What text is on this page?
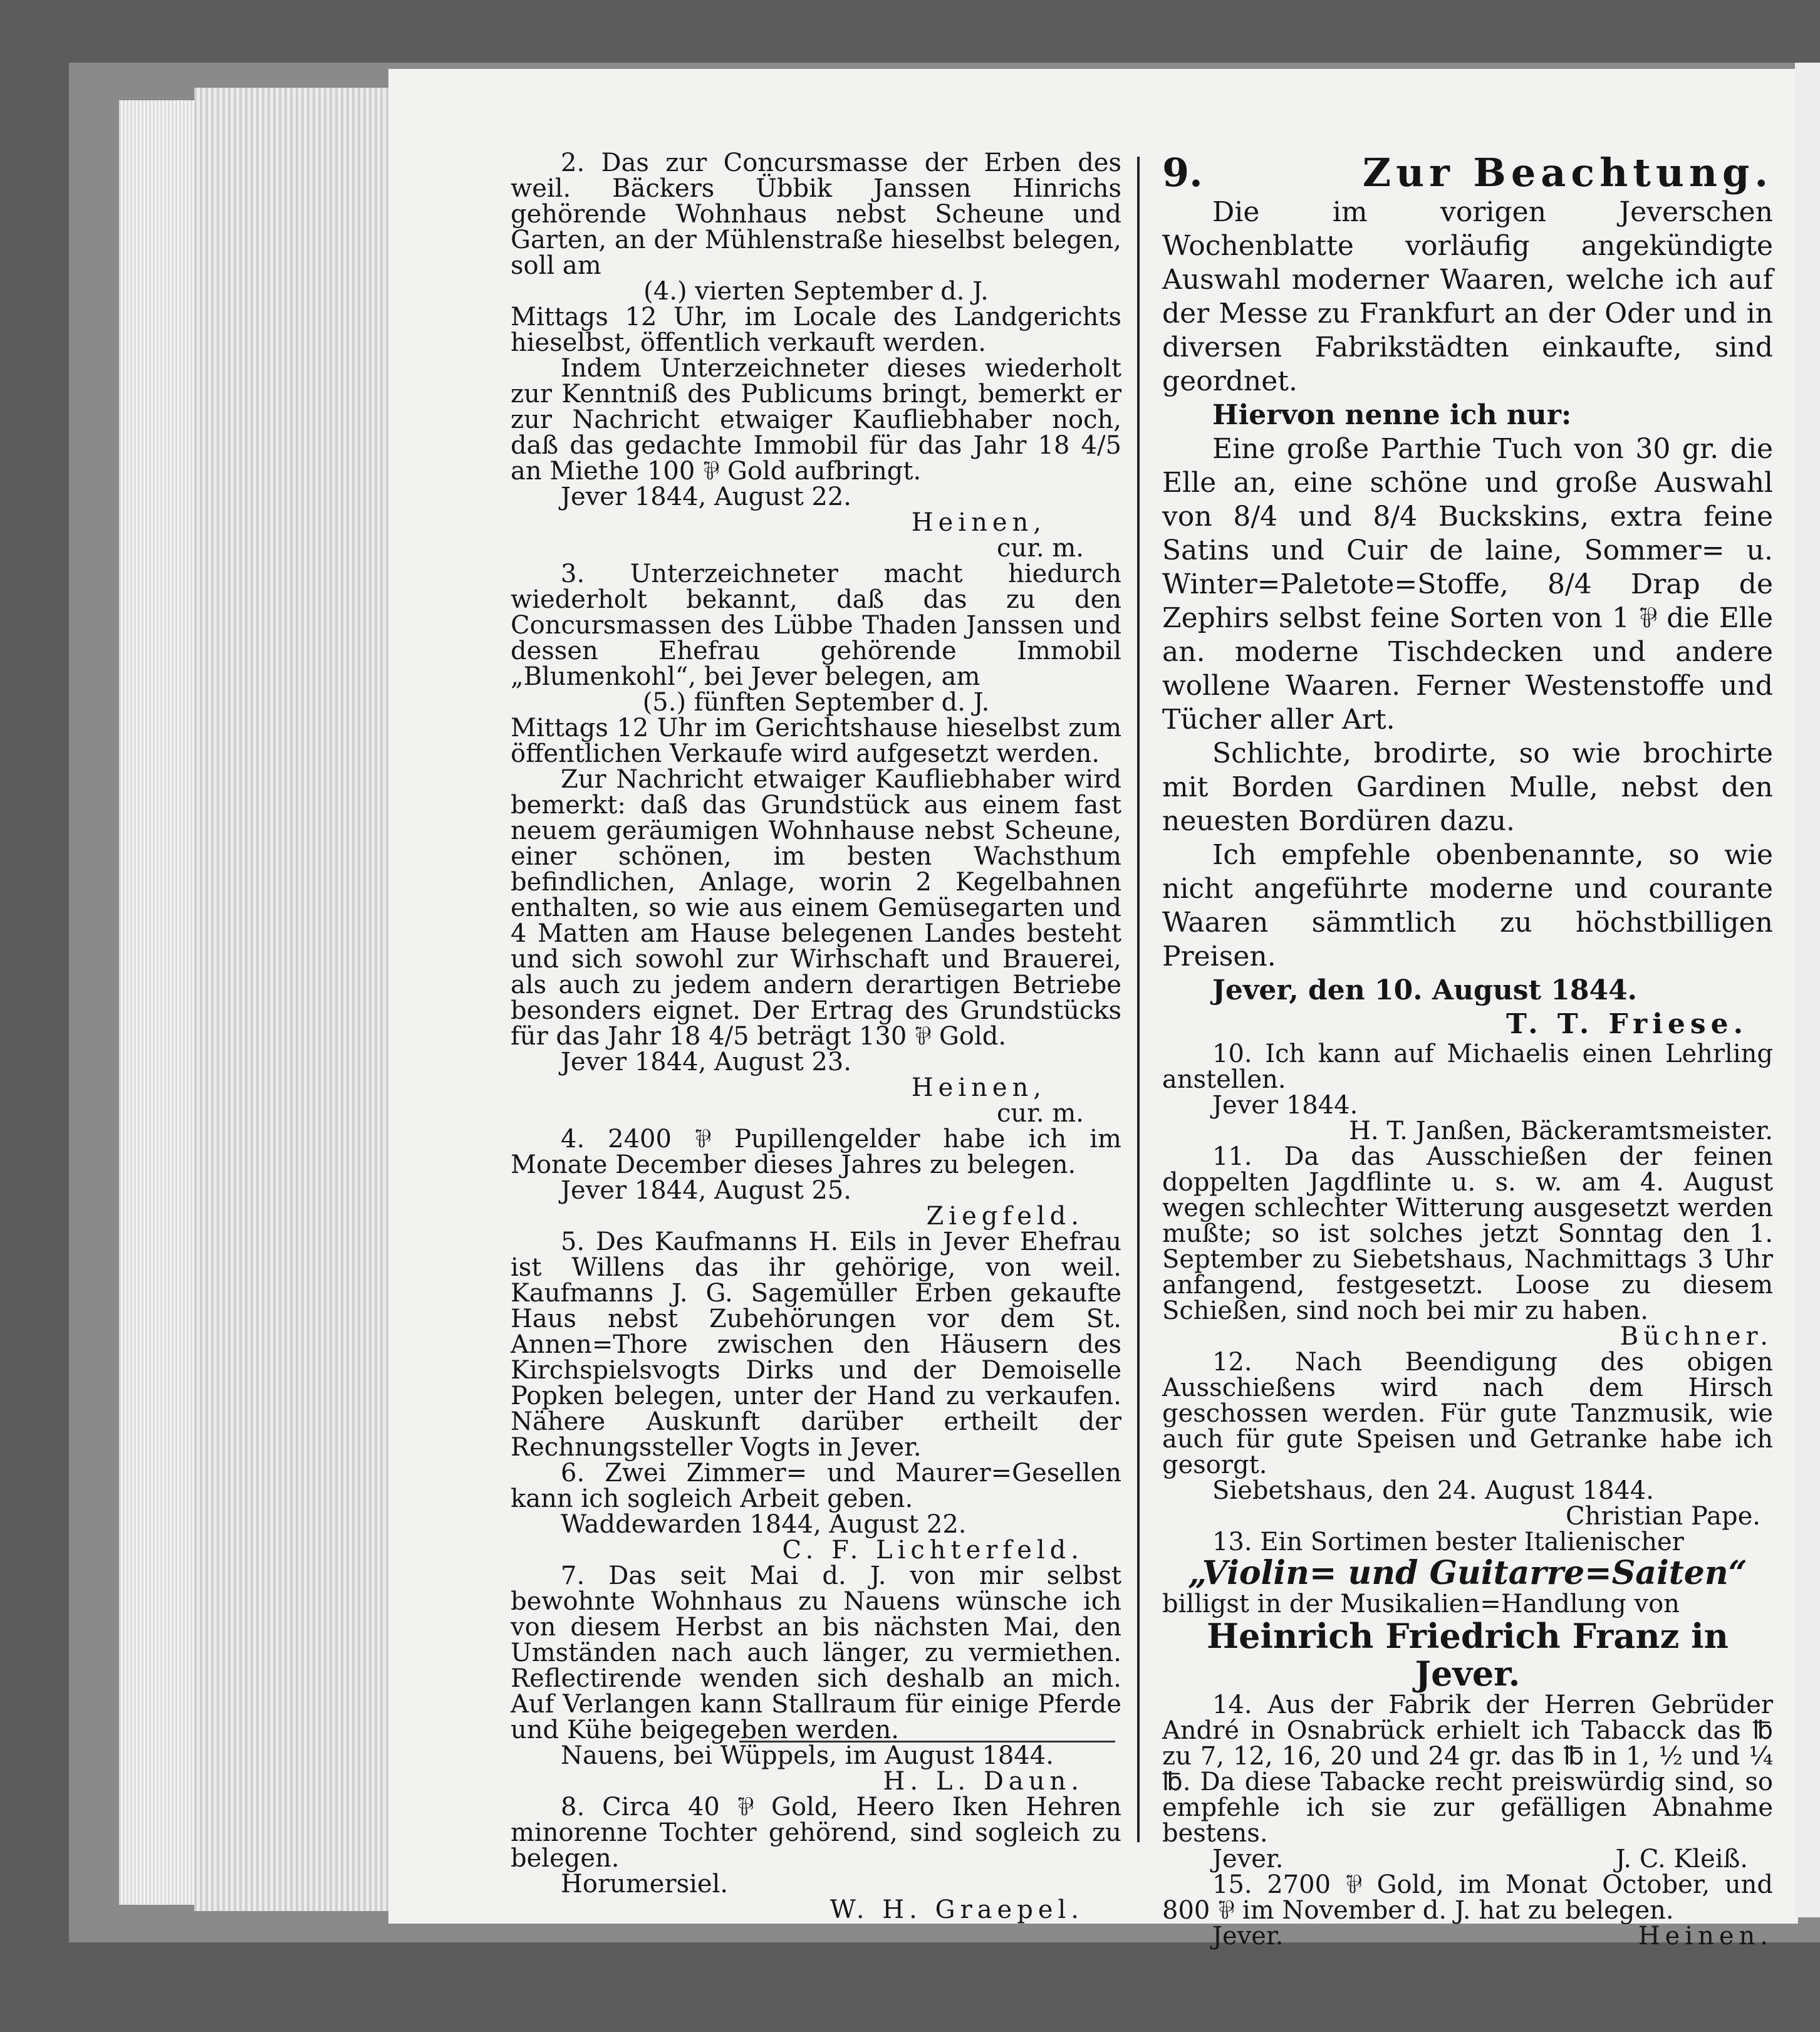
2. Das zur Concursmasse der Erben des weil. Bäckers Übbik Janssen Hinrichs gehörende Wohnhaus nebst Scheune und Garten, an der Mühlenstraße hieselbst belegen, soll am

(4.) vierten September d. J.

Mittags 12 Uhr, im Locale des Landgerichts hieselbst, öffentlich verkauft werden.

Indem Unterzeichneter dieses wiederholt zur Kenntniß des Publicums bringt, bemerkt er zur Nachricht etwaiger Kaufliebhaber noch, daß das gedachte Immobil für das Jahr 18 4/5 an Miethe 100 ⅌ Gold aufbringt.

Jever 1844, August 22.

Heinen,

cur. m.

3. Unterzeichneter macht hiedurch wiederholt bekannt, daß das zu den Concursmassen des Lübbe Thaden Janssen und dessen Ehefrau gehörende Immobil „Blumenkohl“, bei Jever belegen, am

(5.) fünften September d. J.

Mittags 12 Uhr im Gerichtshause hieselbst zum öffentlichen Verkaufe wird aufgesetzt werden.

Zur Nachricht etwaiger Kaufliebhaber wird bemerkt: daß das Grundstück aus einem fast neuem geräumigen Wohnhause nebst Scheune, einer schönen, im besten Wachsthum befindlichen, Anlage, worin 2 Kegelbahnen enthalten, so wie aus einem Gemüsegarten und 4 Matten am Hause belegenen Landes besteht und sich sowohl zur Wirhschaft und Brauerei, als auch zu jedem andern derartigen Betriebe besonders eignet. Der Ertrag des Grundstücks für das Jahr 18 4/5 beträgt 130 ⅌ Gold.

Jever 1844, August 23.

Heinen,

cur. m.

4. 2400 ⅌ Pupillengelder habe ich im Monate December dieses Jahres zu belegen.

Jever 1844, August 25.

Ziegfeld.

5. Des Kaufmanns H. Eils in Jever Ehefrau ist Willens das ihr gehörige, von weil. Kaufmanns J. G. Sagemüller Erben gekaufte Haus nebst Zubehörungen vor dem St. Annen=Thore zwischen den Häusern des Kirchspielsvogts Dirks und der Demoiselle Popken belegen, unter der Hand zu verkaufen. Nähere Auskunft darüber ertheilt der Rechnungssteller Vogts in Jever.

6. Zwei Zimmer= und Maurer=Gesellen kann ich sogleich Arbeit geben.

Waddewarden 1844, August 22.

C. F. Lichterfeld.

7. Das seit Mai d. J. von mir selbst bewohnte Wohnhaus zu Nauens wünsche ich von diesem Herbst an bis nächsten Mai, den Umständen nach auch länger, zu vermiethen. Reflectirende wenden sich deshalb an mich. Auf Verlangen kann Stallraum für einige Pferde und Kühe beigegeben werden.

Nauens, bei Wüppels, im August 1844.

H. L. Daun.

8. Circa 40 ⅌ Gold, Heero Iken Hehren minorenne Tochter gehörend, sind sogleich zu belegen.

Horumersiel.

W. H. Graepel.

9.	Zur Beachtung.

Die im vorigen Jeverschen Wochenblatte vorläufig angekündigte Auswahl moderner Waaren, welche ich auf der Messe zu Frankfurt an der Oder und in diversen Fabrikstädten einkaufte, sind geordnet.

Hiervon nenne ich nur:

Eine große Parthie Tuch von 30 gr. die Elle an, eine schöne und große Auswahl von 8/4 und 8/4 Buckskins, extra feine Satins und Cuir de laine, Sommer= u. Winter=Paletote=Stoffe, 8/4 Drap de Zephirs selbst feine Sorten von 1 ⅌ die Elle an. moderne Tischdecken und andere wollene Waaren. Ferner Westenstoffe und Tücher aller Art.

Schlichte, brodirte, so wie brochirte mit Borden Gardinen Mulle, nebst den neuesten Bordüren dazu.

Ich empfehle obenbenannte, so wie nicht angeführte moderne und courante Waaren sämmtlich zu höchstbilligen Preisen.

Jever, den 10. August 1844.

T. T. Friese.

10. Ich kann auf Michaelis einen Lehrling anstellen.

Jever 1844.

H. T. Janßen, Bäckeramtsmeister.

11. Da das Ausschießen der feinen doppelten Jagdflinte u. s. w. am 4. August wegen schlechter Witterung ausgesetzt werden mußte; so ist solches jetzt Sonntag den 1. September zu Siebetshaus, Nachmittags 3 Uhr anfangend, festgesetzt. Loose zu diesem Schießen, sind noch bei mir zu haben.

Büchner.

12. Nach Beendigung des obigen Ausschießens wird nach dem Hirsch geschossen werden. Für gute Tanzmusik, wie auch für gute Speisen und Getranke habe ich gesorgt.

Siebetshaus, den 24. August 1844.

Christian Pape.

13. Ein Sortimen bester Italienischer

„Violin= und Guitarre=Saiten“

billigst in der Musikalien=Handlung von

Heinrich Friedrich Franz in Jever.

14. Aus der Fabrik der Herren Gebrüder André in Osnabrück erhielt ich Tabacck das ℔ zu 7, 12, 16, 20 und 24 gr. das ℔ in 1, ½ und ¼ ℔. Da diese Tabacke recht preiswürdig sind, so empfehle ich sie zur gefälligen Abnahme bestens.

Jever.	J. C. Kleiß.

15. 2700 ⅌ Gold, im Monat October, und 800 ⅌ im November d. J. hat zu belegen.

Jever.	Heinen.
